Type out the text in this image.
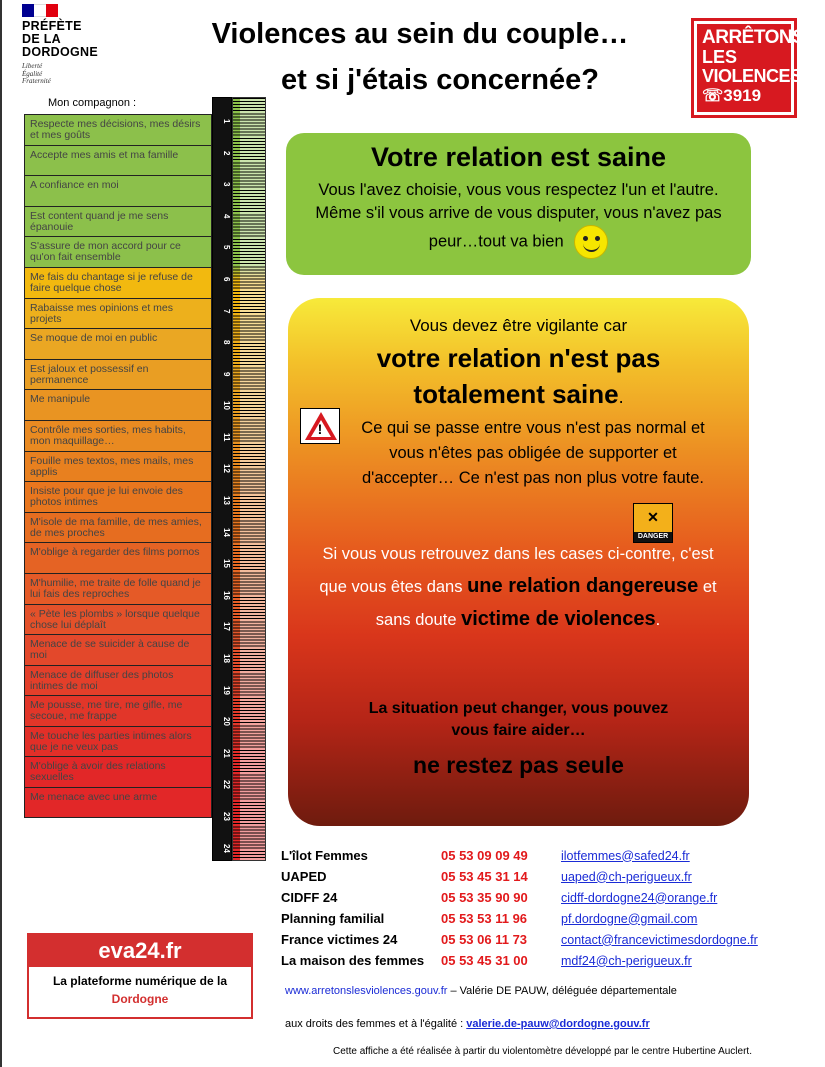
PRÉFÈTE
DE LA
DORDOGNE
Liberté
Égalité
Fraternité
Violences au sein du couple…
et si j'étais concernée?
ARRÊTONS
LES
VIOLENCES
☏3919
Mon compagnon :
Respecte mes décisions, mes désirs et mes goûts
Accepte mes amis et ma famille
A confiance en moi
Est content quand je me sens épanouie
S'assure de mon accord pour ce qu'on fait ensemble
Me fais du chantage si je refuse de faire quelque chose
Rabaisse mes opinions et mes projets
Se moque de moi en public
Est jaloux et possessif en permanence
Me manipule
Contrôle mes sorties, mes habits, mon maquillage…
Fouille mes textos, mes mails, mes applis
Insiste pour que je lui envoie des photos intimes
M'isole de ma famille, de mes amies, de mes proches
M'oblige à regarder des films pornos
M'humilie, me traite de folle quand je lui fais des reproches
« Pète les plombs » lorsque quelque chose lui déplaît
Menace de se suicider à cause de moi
Menace de diffuser des photos intimes de moi
Me pousse, me tire, me gifle, me secoue, me frappe
Me touche les parties intimes alors que je ne veux pas
M'oblige à avoir des relations sexuelles
Me menace avec une arme
1
2
3
4
5
6
7
8
9
10
11
12
13
14
15
16
17
18
19
20
21
22
23
24
Votre relation est saine
Vous l'avez choisie, vous vous respectez l'un et l'autre. Même s'il vous arrive de vous disputer, vous n'avez pas peur…tout va bien
Vous devez être vigilante car
votre relation n'est pas
totalement saine.
!	Ce qui se passe entre vous n'est pas normal et vous n'êtes pas obligée de supporter et d'accepter… Ce n'est pas non plus votre faute.
✕
DANGER
Si vous vous retrouvez dans les cases ci-contre, c'est que vous êtes dans une relation dangereuse et sans doute victime de violences.
La situation peut changer, vous pouvez vous faire aider…
ne restez pas seule
eva24.fr
La plateforme numérique de la
Dordogne
L'îlot Femmes	05 53 09 09 49	ilotfemmes@safed24.fr
UAPED	05 53 45 31 14	uaped@ch-perigueux.fr
CIDFF 24	05 53 35 90 90	cidff-dordogne24@orange.fr
Planning familial	05 53 53 11 96	pf.dordogne@gmail.com
France victimes 24	05 53 06 11 73	contact@francevictimesdordogne.fr
La maison des femmes	05 53 45 31 00	mdf24@ch-perigueux.fr
www.arretonslesviolences.gouv.fr – Valérie DE PAUW, déléguée départementale
aux droits des femmes et à l'égalité : valerie.de-pauw@dordogne.gouv.fr
Cette affiche a été réalisée à partir du violentomètre développé par le centre Hubertine Auclert.
